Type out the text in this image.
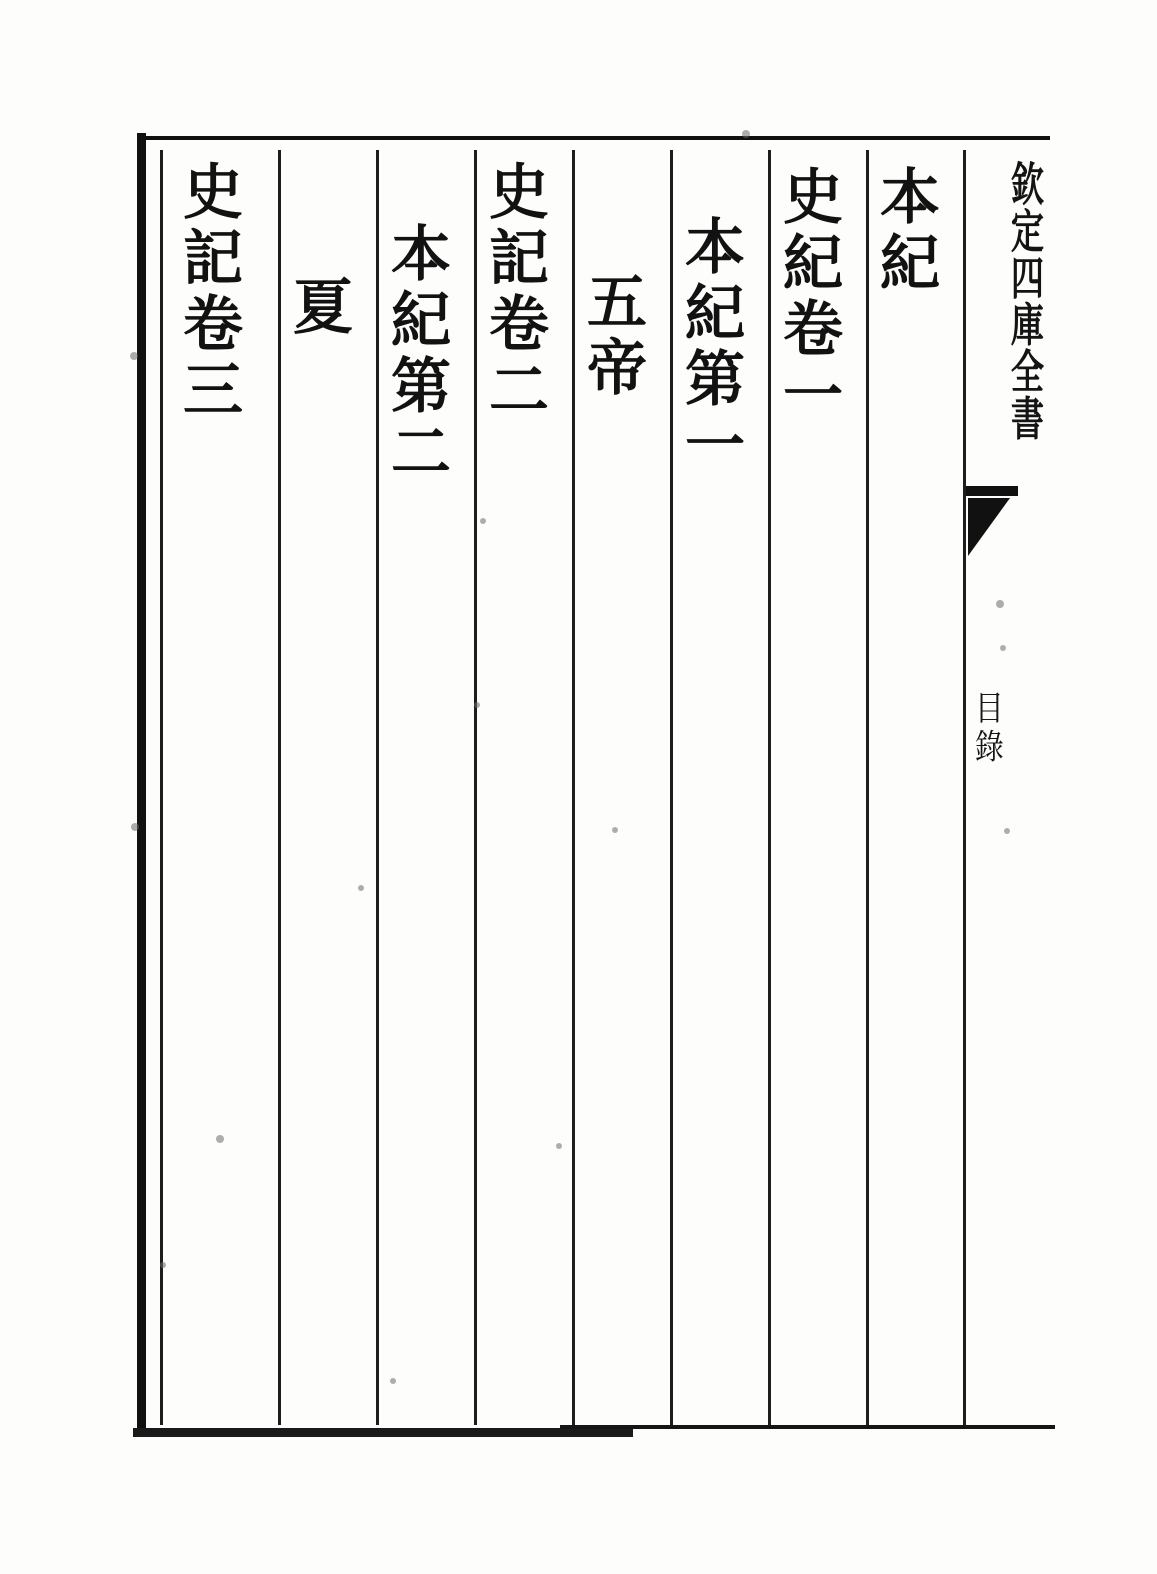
本紀
史紀卷一
本紀第一
五帝
史記卷二
本紀第二
夏
史記卷三	欽定四庫全書
目錄
